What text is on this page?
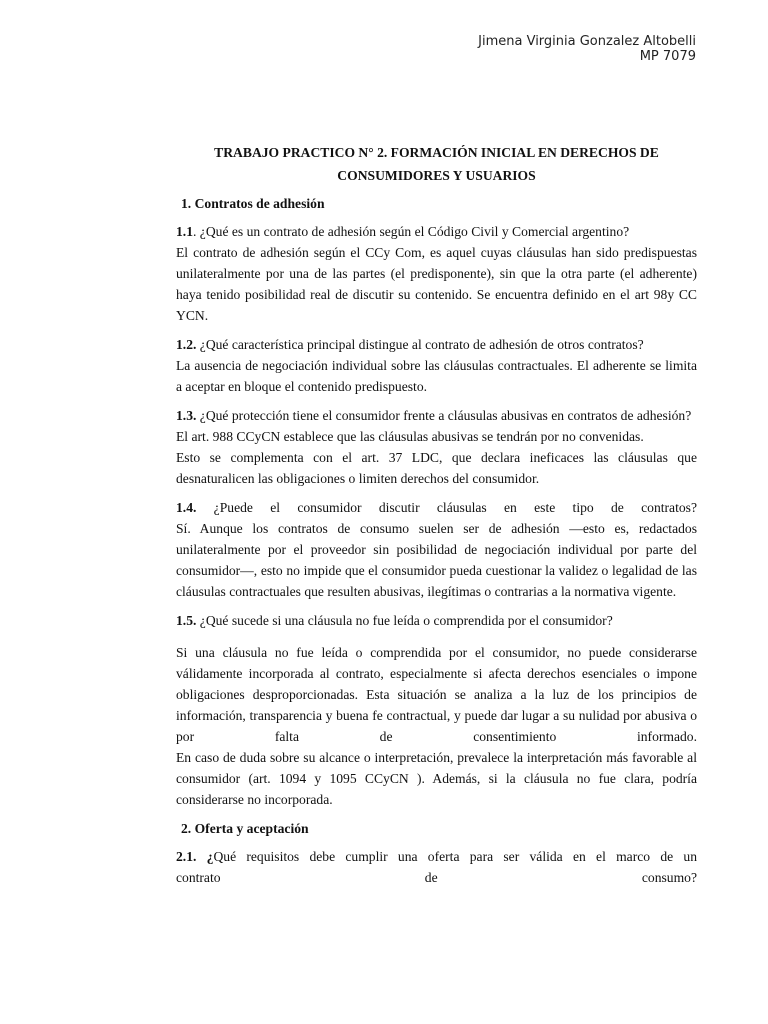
Jimena Virginia Gonzalez Altobelli
MP 7079
TRABAJO PRACTICO N° 2. FORMACIÓN INICIAL EN DERECHOS DE
CONSUMIDORES Y USUARIOS
1. Contratos de adhesión

1.1. ¿Qué es un contrato de adhesión según el Código Civil y Comercial argentino?

El contrato de adhesión según el CCy Com, es aquel cuyas cláusulas han sido predispuestas unilateralmente por una de las partes (el predisponente), sin que la otra parte (el adherente) haya tenido posibilidad real de discutir su contenido. Se encuentra definido en el art 98y CC YCN.

1.2. ¿Qué característica principal distingue al contrato de adhesión de otros contratos?

La ausencia de negociación individual sobre las cláusulas contractuales. El adherente se limita a aceptar en bloque el contenido predispuesto.

1.3. ¿Qué protección tiene el consumidor frente a cláusulas abusivas en contratos de adhesión?

El art. 988 CCyCN establece que las cláusulas abusivas se tendrán por no convenidas.

Esto se complementa con el art. 37 LDC, que declara ineficaces las cláusulas que desnaturalicen las obligaciones o limiten derechos del consumidor.

1.4. ¿Puede el consumidor discutir cláusulas en este tipo de contratos?

Sí. Aunque los contratos de consumo suelen ser de adhesión —esto es, redactados unilateralmente por el proveedor sin posibilidad de negociación individual por parte del consumidor—, esto no impide que el consumidor pueda cuestionar la validez o legalidad de las cláusulas contractuales que resulten abusivas, ilegítimas o contrarias a la normativa vigente.

1.5. ¿Qué sucede si una cláusula no fue leída o comprendida por el consumidor?

Si una cláusula no fue leída o comprendida por el consumidor, no puede considerarse válidamente incorporada al contrato, especialmente si afecta derechos esenciales o impone obligaciones desproporcionadas. Esta situación se analiza a la luz de los principios de información, transparencia y buena fe contractual, y puede dar lugar a su nulidad por abusiva o por falta de consentimiento informado.

En caso de duda sobre su alcance o interpretación, prevalece la interpretación más favorable al consumidor (art. 1094 y 1095 CCyCN ). Además, si la cláusula no fue clara, podría considerarse no incorporada.

2. Oferta y aceptación

2.1. ¿Qué requisitos debe cumplir una oferta para ser válida en el marco de un

contrato	de	consumo?
